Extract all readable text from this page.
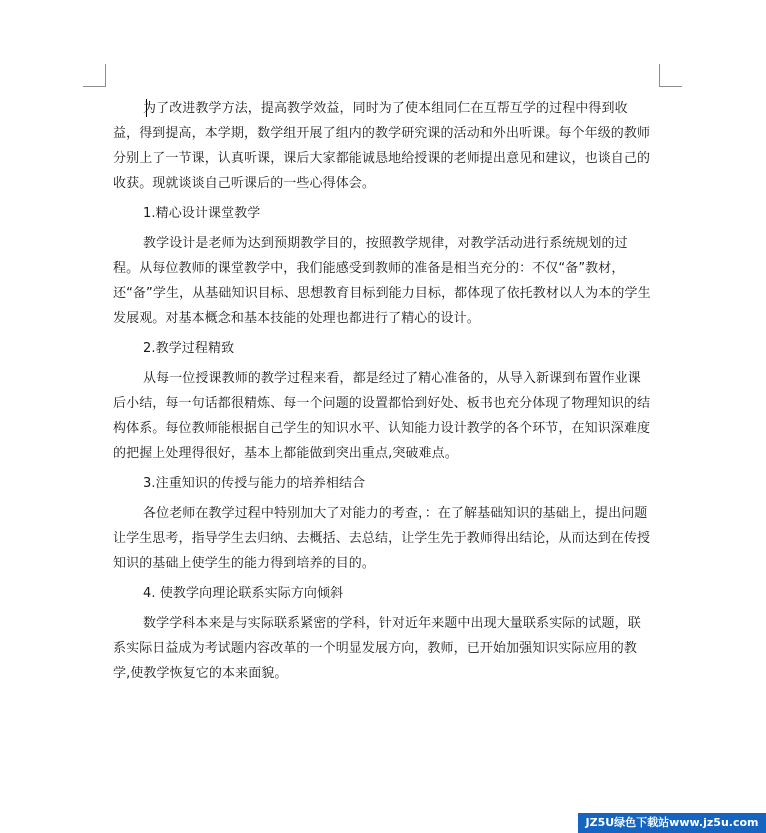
为了改进教学方法，提高教学效益，同时为了使本组同仁在互帮互学的过程中得到收益，得到提高，本学期，数学组开展了组内的教学研究课的活动和外出听课。每个年级的教师分别上了一节课，认真听课，课后大家都能诚恳地给授课的老师提出意见和建议，也谈自己的收获。现就谈谈自己听课后的一些心得体会。

1.精心设计课堂教学

教学设计是老师为达到预期教学目的，按照教学规律，对教学活动进行系统规划的过程。从每位教师的课堂教学中，我们能感受到教师的准备是相当充分的：不仅“备”教材，还“备”学生，从基础知识目标、思想教育目标到能力目标，都体现了依托教材以人为本的学生发展观。对基本概念和基本技能的处理也都进行了精心的设计。

2.教学过程精致

从每一位授课教师的教学过程来看，都是经过了精心准备的，从导入新课到布置作业课后小结，每一句话都很精炼、每一个问题的设置都恰到好处、板书也充分体现了物理知识的结构体系。每位教师能根据自己学生的知识水平、认知能力设计教学的各个环节，在知识深难度的把握上处理得很好，基本上都能做到突出重点,突破难点。

3.注重知识的传授与能力的培养相结合

各位老师在教学过程中特别加大了对能力的考查，：在了解基础知识的基础上，提出问题让学生思考，指导学生去归纳、去概括、去总结，让学生先于教师得出结论，从而达到在传授知识的基础上使学生的能力得到培养的目的。

4. 使教学向理论联系实际方向倾斜

数学学科本来是与实际联系紧密的学科，针对近年来题中出现大量联系实际的试题，联系实际日益成为考试题内容改革的一个明显发展方向，教师，已开始加强知识实际应用的教学,使教学恢复它的本来面貌。

JZ5U绿色下载站www.jz5u.com
